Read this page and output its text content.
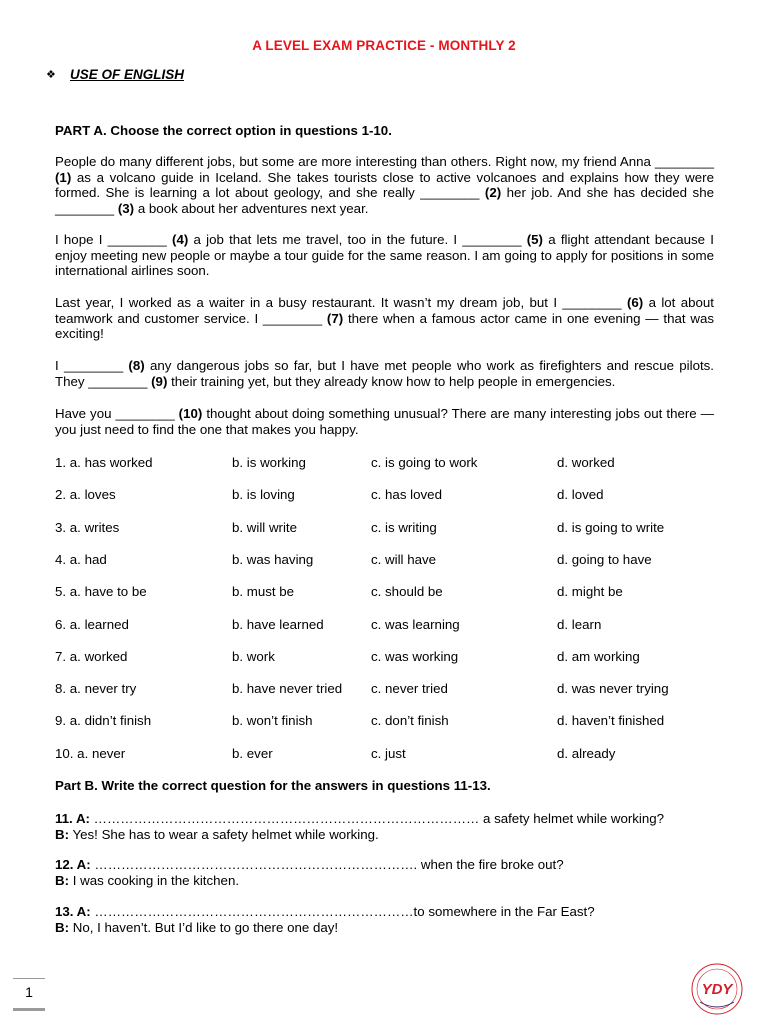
A LEVEL EXAM PRACTICE - MONTHLY 2
❖	USE OF ENGLISH
PART A. Choose the correct option in questions 1-10.

People do many different jobs, but some are more interesting than others. Right now, my friend Anna ________ (1) as a volcano guide in Iceland. She takes tourists close to active volcanoes and explains how they were formed. She is learning a lot about geology, and she really ________ (2) her job. And she has decided she ________ (3) a book about her adventures next year.

I hope I ________ (4) a job that lets me travel, too in the future. I ________ (5) a flight attendant because I enjoy meeting new people or maybe a tour guide for the same reason. I am going to apply for positions in some international airlines soon.

Last year, I worked as a waiter in a busy restaurant. It wasn’t my dream job, but I ________ (6) a lot about teamwork and customer service. I ________ (7) there when a famous actor came in one evening — that was exciting!

I ________ (8) any dangerous jobs so far, but I have met people who work as firefighters and rescue pilots. They ________ (9) their training yet, but they already know how to help people in emergencies.

Have you ________ (10) thought about doing something unusual? There are many interesting jobs out there — you just need to find the one that makes you happy.

1. a. has worked	b. is working	c. is going to work	d. worked
2. a. loves	b. is loving	c. has loved	d. loved
3. a. writes	b. will write	c. is writing	d. is going to write
4. a. had	b. was having	c. will have	d. going to have
5. a. have to be	b. must be	c. should be	d. might be
6. a. learned	b. have learned	c. was learning	d. learn
7. a. worked	b. work	c. was working	d. am working
8. a. never try	b. have never tried c. never tried	d. was never trying
9. a. didn’t finish	b. won’t finish	c. don’t finish	d. haven’t finished
10. a. never	b. ever	c. just	d. already
Part B. Write the correct question for the answers in questions 11-13.
11. A: …………………………………………………………………………… a safety helmet while working?
B: Yes! She has to wear a safety helmet while working.
12. A: ………………………………………………………………. when the fire broke out?
B: I was cooking in the kitchen.
13. A: ………………………………………………………………to somewhere in the Far East?
B: No, I haven’t. But I’d like to go there one day!
1	YDY
